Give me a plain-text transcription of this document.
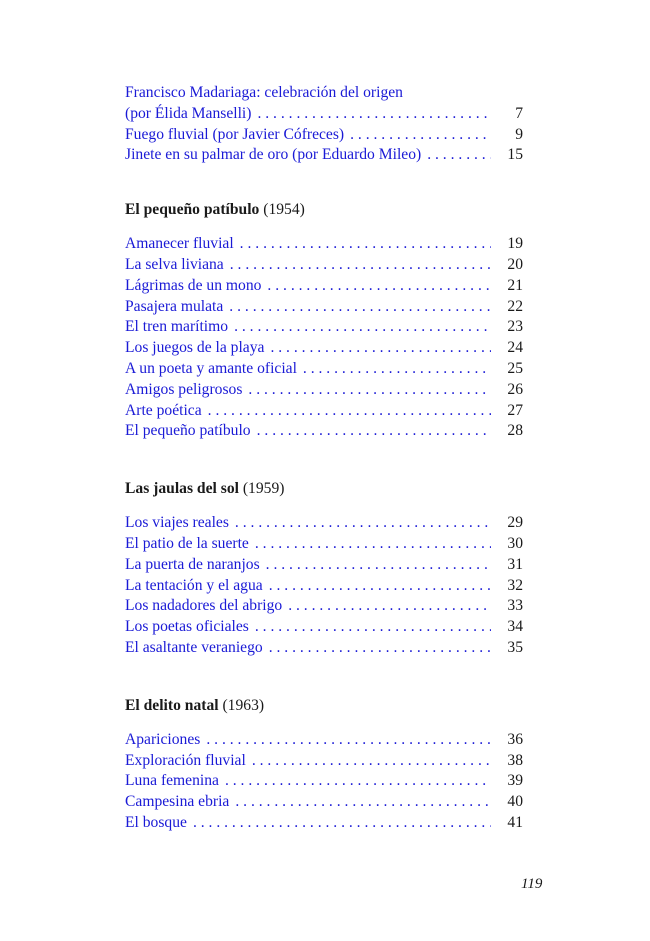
Francisco Madariaga: celebración del origen
(por Élida Manselli) . . .	7
Fuego fluvial (por Javier Cófreces) . . .	9
Jinete en su palmar de oro (por Eduardo Mileo) . . .	15
El pequeño patíbulo (1954)
Amanecer fluvial . . .	19
La selva liviana . . .	20
Lágrimas de un mono . . .	21
Pasajera mulata . . .	22
El tren marítimo . . .	23
Los juegos de la playa . . .	24
A un poeta y amante oficial . . .	25
Amigos peligrosos . . .	26
Arte poética . . .	27
El pequeño patíbulo . . .	28
Las jaulas del sol (1959)
Los viajes reales . . .	29
El patio de la suerte . . .	30
La puerta de naranjos . . .	31
La tentación y el agua . . .	32
Los nadadores del abrigo . . .	33
Los poetas oficiales . . .	34
El asaltante veraniego . . .	35
El delito natal (1963)
Apariciones . . .	36
Exploración fluvial . . .	38
Luna femenina . . .	39
Campesina ebria . . .	40
El bosque . . .	41
119
